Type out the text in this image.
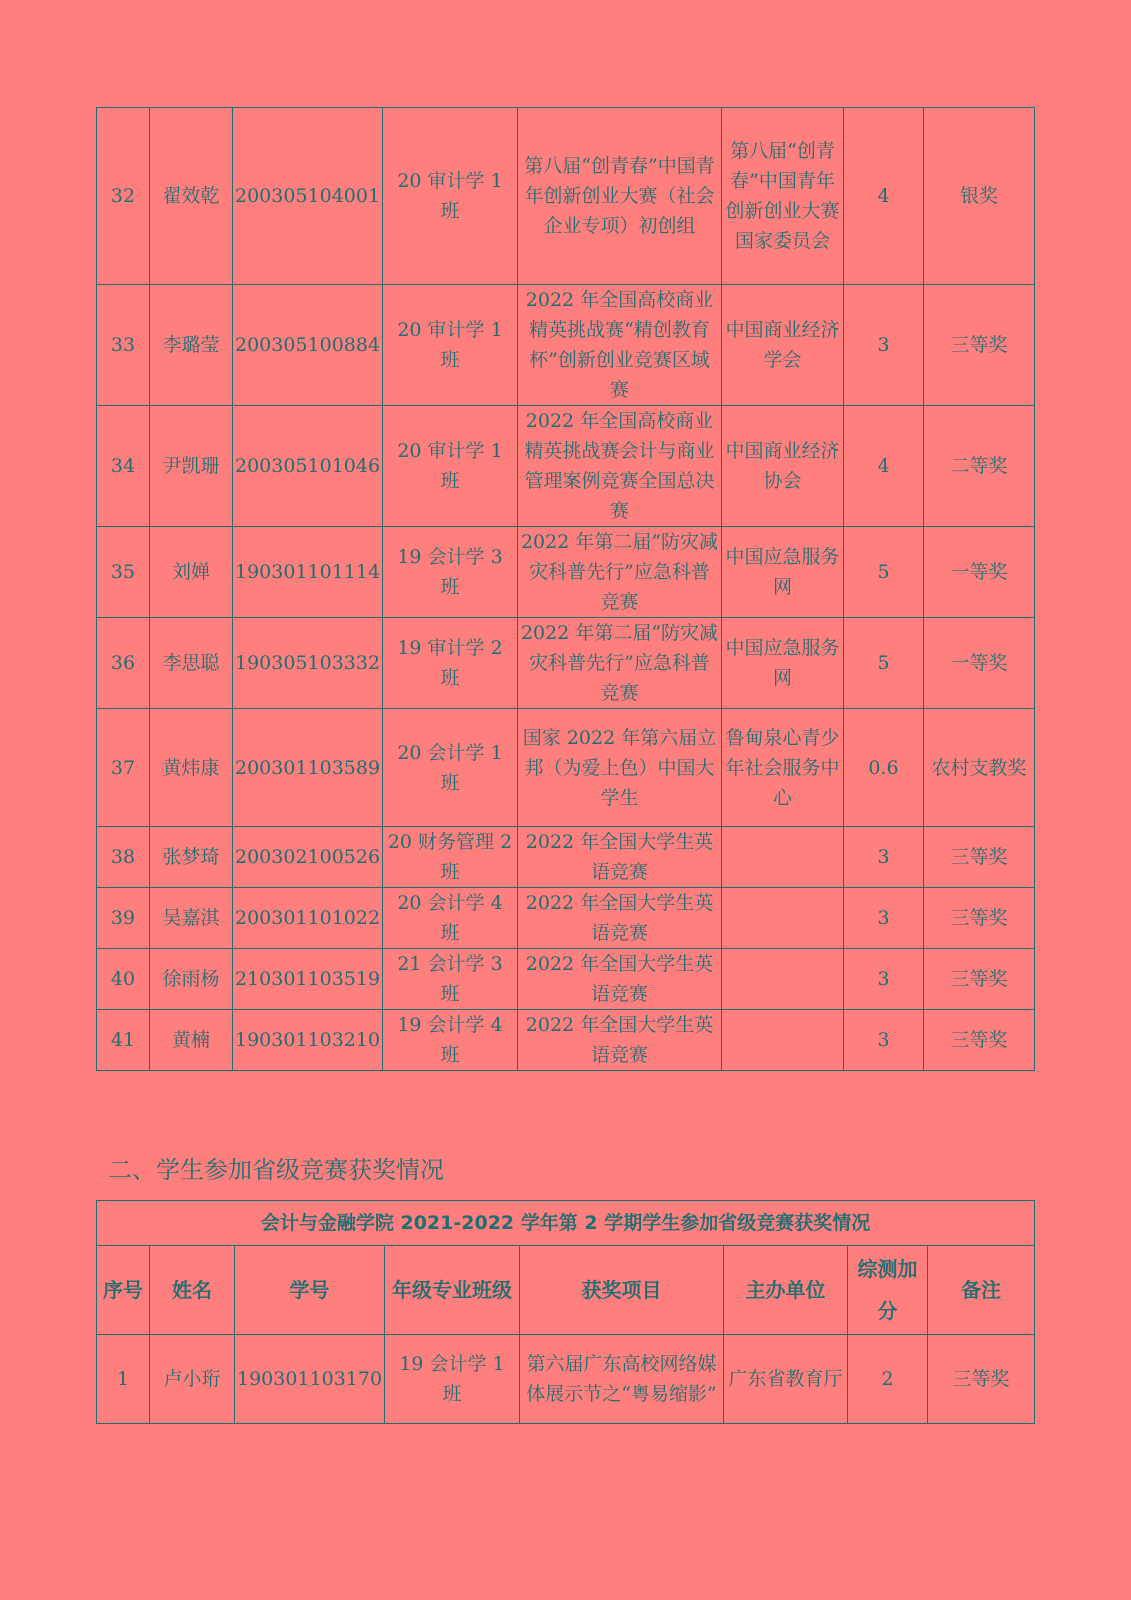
32	翟效乾	200305104001	20 审计学 1 班	第八届“创青春”中国青年创新创业大赛（社会企业专项）初创组	第八届“创青春”中国青年创新创业大赛国家委员会	4	银奖
33	李璐莹	200305100884	20 审计学 1 班	2022 年全国高校商业精英挑战赛“精创教育杯”创新创业竞赛区域赛	中国商业经济学会	3	三等奖
34	尹凯珊	200305101046	20 审计学 1 班	2022 年全国高校商业精英挑战赛会计与商业管理案例竞赛全国总决赛	中国商业经济协会	4	二等奖
35	刘婵	190301101114	19 会计学 3 班	2022 年第二届“防灾减灾科普先行”应急科普竞赛	中国应急服务网	5	一等奖
36	李思聪	190305103332	19 审计学 2 班	2022 年第二届“防灾减灾科普先行”应急科普竞赛	中国应急服务网	5	一等奖
37	黄炜康	200301103589	20 会计学 1 班	国家 2022 年第六届立邦（为爱上色）中国大学生	鲁甸泉心青少年社会服务中心	0.6	农村支教奖
38	张梦琦	200302100526	20 财务管理 2 班	2022 年全国大学生英语竞赛		3	三等奖
39	吴嘉淇	200301101022	20 会计学 4 班	2022 年全国大学生英语竞赛		3	三等奖
40	徐雨杨	210301103519	21 会计学 3 班	2022 年全国大学生英语竞赛		3	三等奖
41	黄楠	190301103210	19 会计学 4 班	2022 年全国大学生英语竞赛		3	三等奖
二、学生参加省级竞赛获奖情况
会计与金融学院 2021-2022 学年第 2 学期学生参加省级竞赛获奖情况							
序号	姓名	学号	年级专业班级	获奖项目	主办单位	综测加分	备注
1	卢小珩	190301103170	19 会计学 1 班	第六届广东高校网络媒体展示节之“粤易缩影”	广东省教育厅	2	三等奖
